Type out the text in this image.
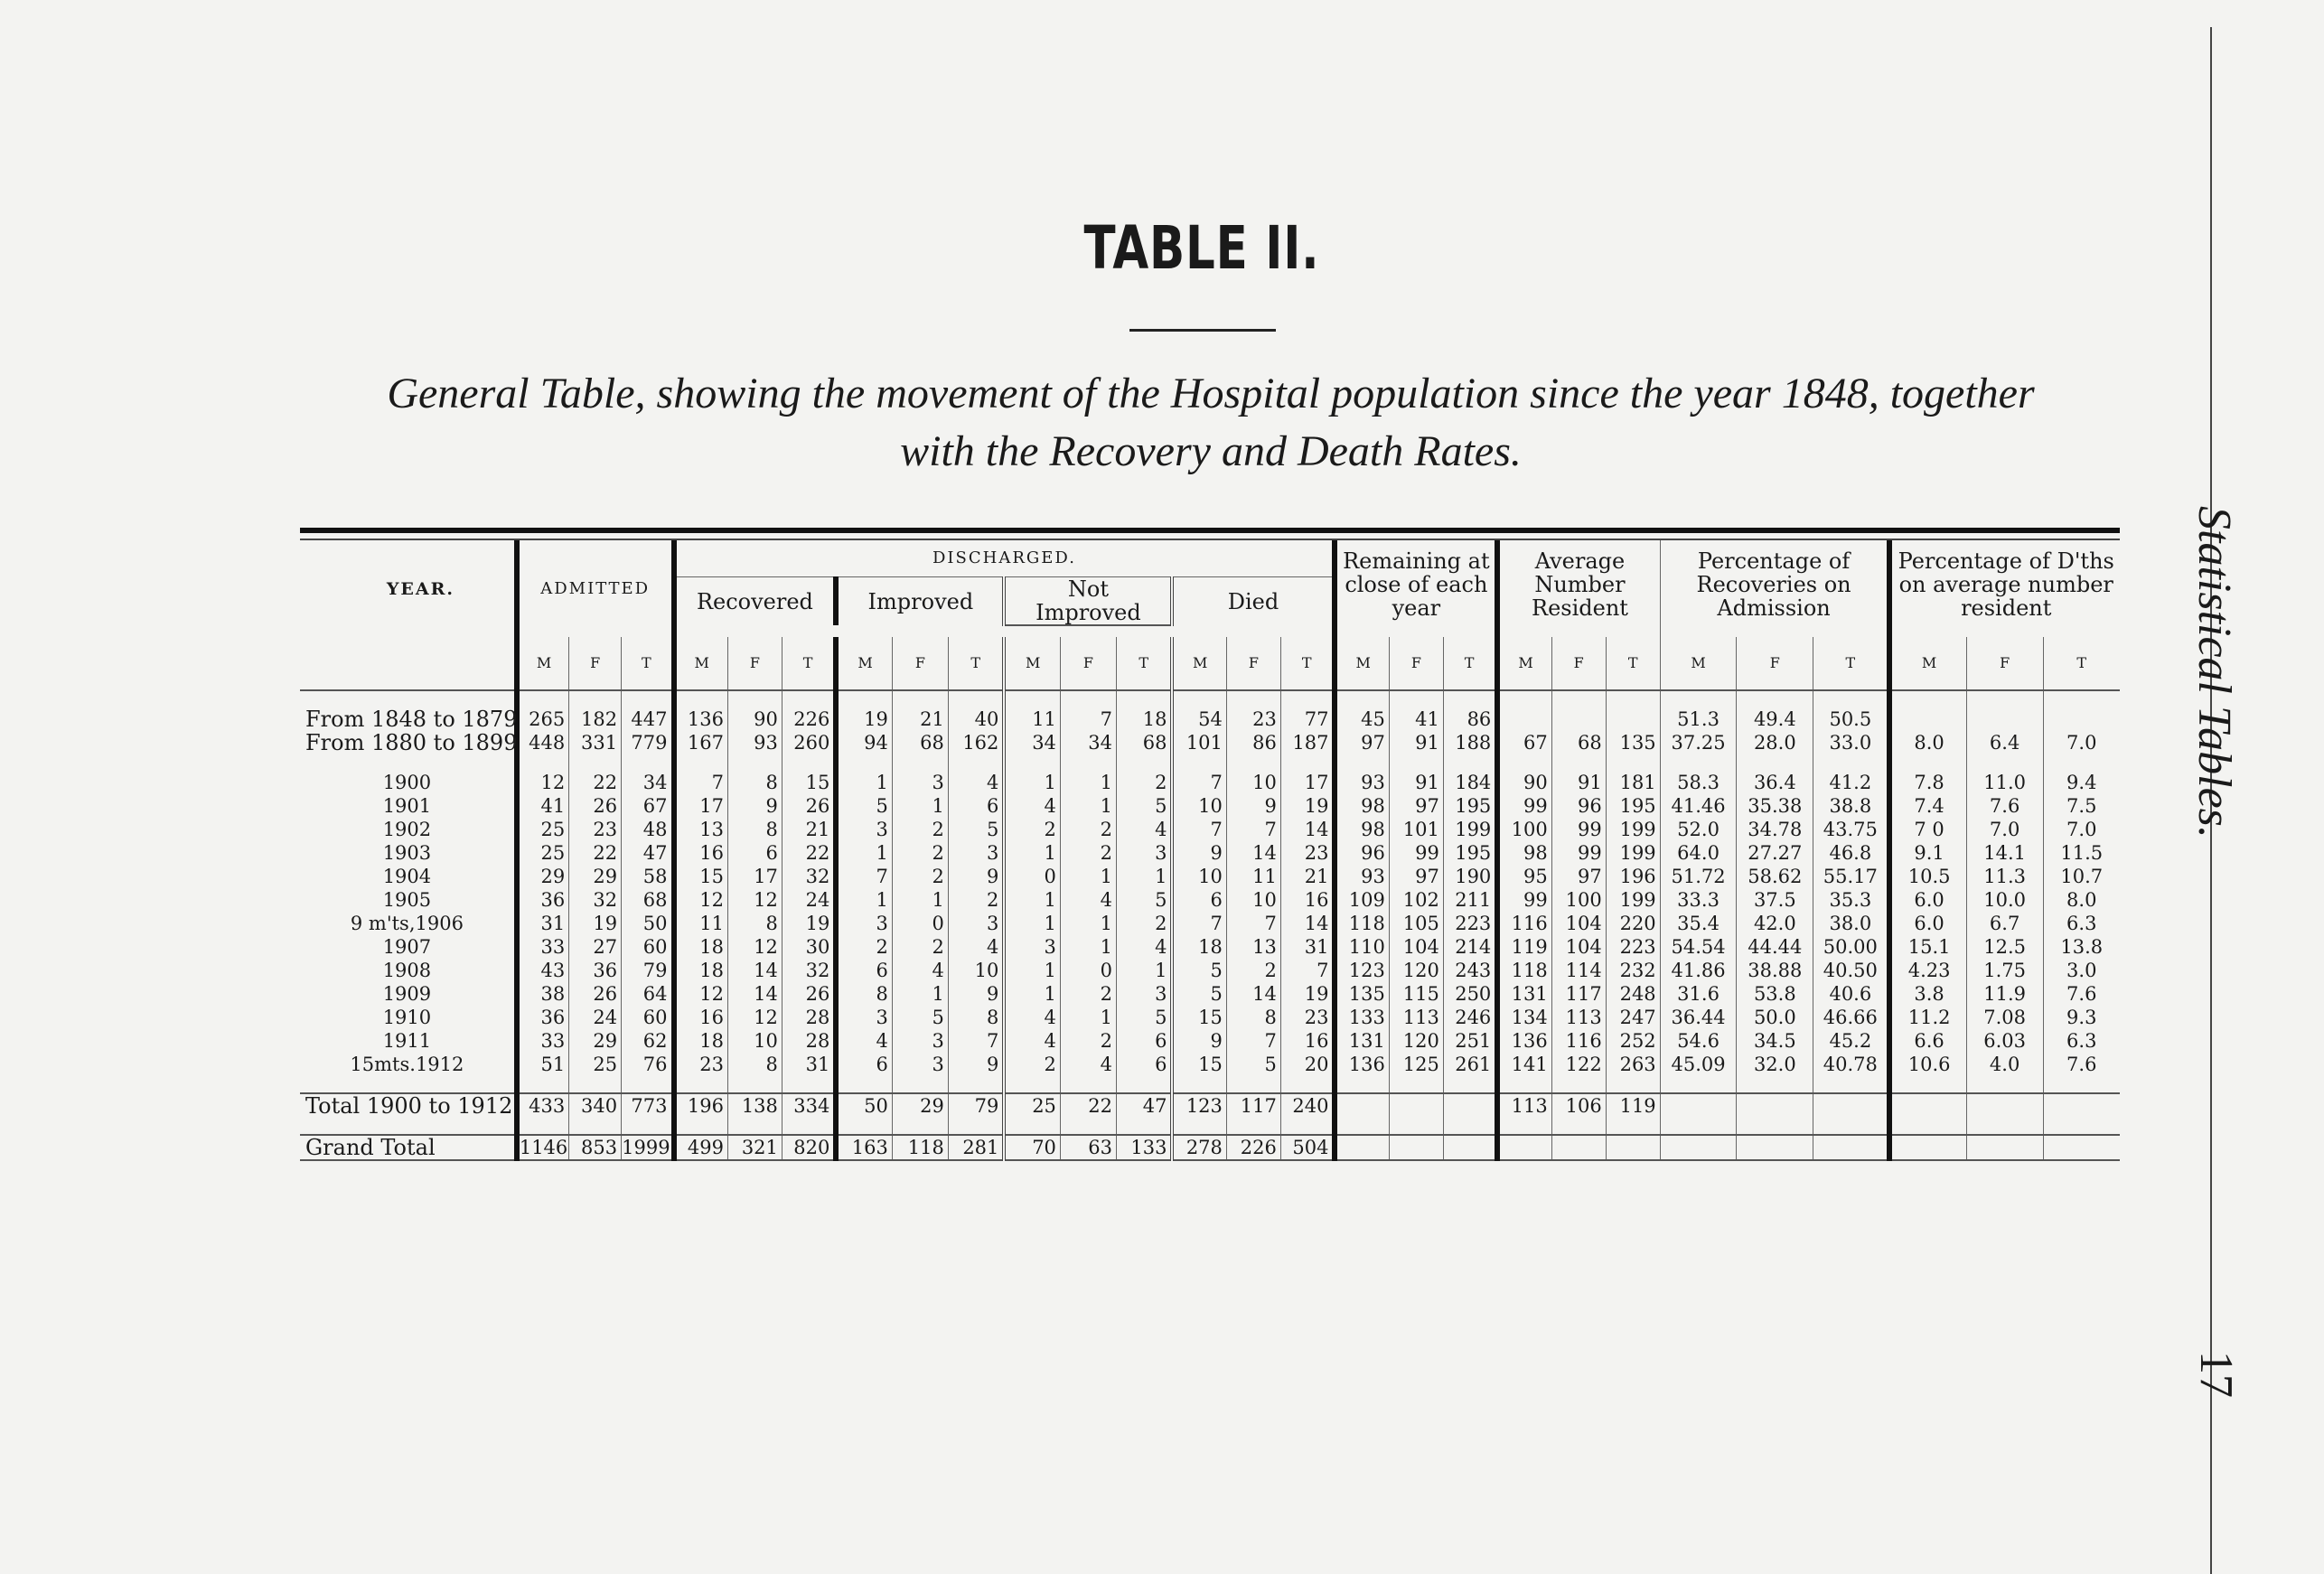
TABLE II.
General Table, showing the movement of the Hospital population since the year 1848, together
with the Recovery and Death Rates.
Statistical Tables.
17
YEAR.	ADMITTED			DISCHARGED.												Remaining at close of each year			Average Number Resident			Percentage of Recoveries on Admission			Percentage of D'ths on average number resident		
				Recovered			Improved			Not Improved			Died														

	M	F	T	M	F	T	M	F	T	M	F	T	M	F	T	M	F	T	M	F	T	M	F	T	M	F	T

From 1848 to 1879	265	182	447	136	90	226	19	21	40	11	7	18	54	23	77	45	41	86				51.3	49.4	50.5			
From 1880 to 1899	448	331	779	167	93	260	94	68	162	34	34	68	101	86	187	97	91	188	67	68	135	37.25	28.0	33.0	8.0	6.4	7.0

1900	12	22	34	7	8	15	1	3	4	1	1	2	7	10	17	93	91	184	90	91	181	58.3	36.4	41.2	7.8	11.0	9.4
1901	41	26	67	17	9	26	5	1	6	4	1	5	10	9	19	98	97	195	99	96	195	41.46	35.38	38.8	7.4	7.6	7.5
1902	25	23	48	13	8	21	3	2	5	2	2	4	7	7	14	98	101	199	100	99	199	52.0	34.78	43.75	7 0	7.0	7.0
1903	25	22	47	16	6	22	1	2	3	1	2	3	9	14	23	96	99	195	98	99	199	64.0	27.27	46.8	9.1	14.1	11.5
1904	29	29	58	15	17	32	7	2	9	0	1	1	10	11	21	93	97	190	95	97	196	51.72	58.62	55.17	10.5	11.3	10.7
1905	36	32	68	12	12	24	1	1	2	1	4	5	6	10	16	109	102	211	99	100	199	33.3	37.5	35.3	6.0	10.0	8.0
9 m'ts,1906	31	19	50	11	8	19	3	0	3	1	1	2	7	7	14	118	105	223	116	104	220	35.4	42.0	38.0	6.0	6.7	6.3
1907	33	27	60	18	12	30	2	2	4	3	1	4	18	13	31	110	104	214	119	104	223	54.54	44.44	50.00	15.1	12.5	13.8
1908	43	36	79	18	14	32	6	4	10	1	0	1	5	2	7	123	120	243	118	114	232	41.86	38.88	40.50	4.23	1.75	3.0
1909	38	26	64	12	14	26	8	1	9	1	2	3	5	14	19	135	115	250	131	117	248	31.6	53.8	40.6	3.8	11.9	7.6
1910	36	24	60	16	12	28	3	5	8	4	1	5	15	8	23	133	113	246	134	113	247	36.44	50.0	46.66	11.2	7.08	9.3
1911	33	29	62	18	10	28	4	3	7	4	2	6	9	7	16	131	120	251	136	116	252	54.6	34.5	45.2	6.6	6.03	6.3
15mts.1912	51	25	76	23	8	31	6	3	9	2	4	6	15	5	20	136	125	261	141	122	263	45.09	32.0	40.78	10.6	4.0	7.6

Total 1900 to 1912	433	340	773	196	138	334	50	29	79	25	22	47	123	117	240				113	106	119						

Grand Total	1146	853	1999	499	321	820	163	118	281	70	63	133	278	226	504												
